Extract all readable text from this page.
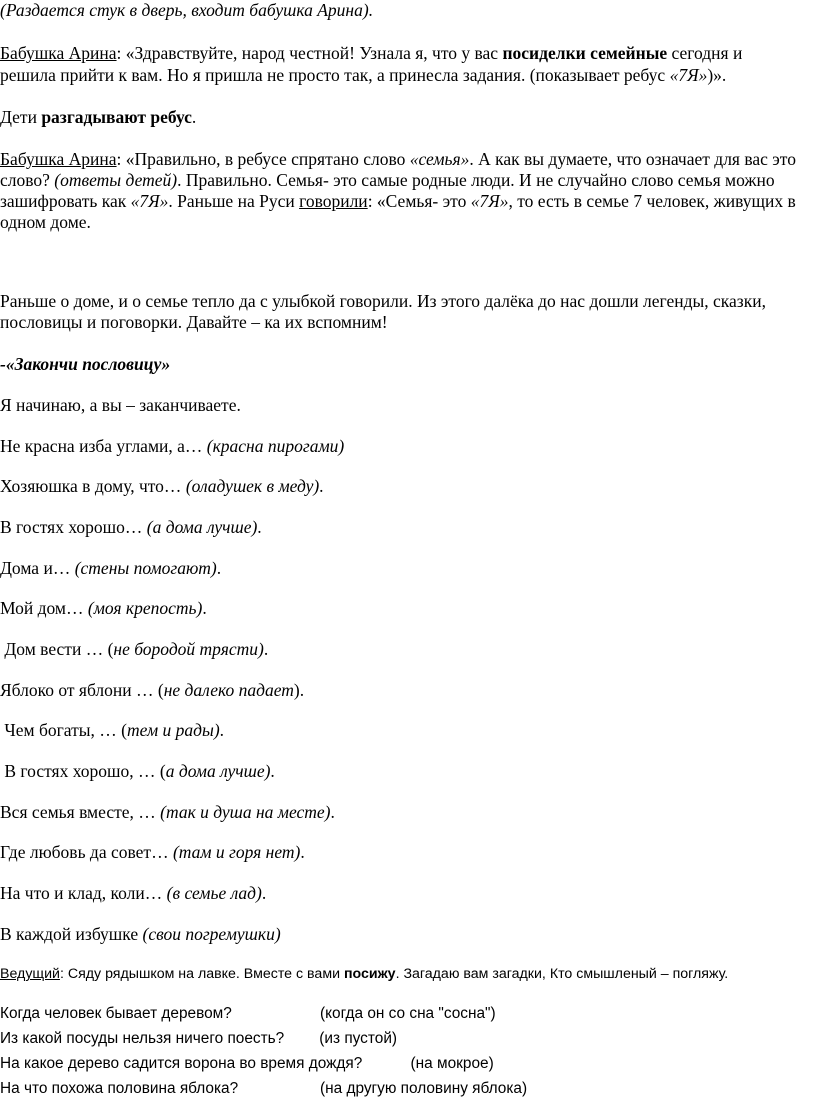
(Раздается стук в дверь, входит бабушка Арина).

Бабушка Арина: «Здравствуйте, народ честной! Узнала я, что у вас посиделки семейные сегодня и

решила прийти к вам. Но я пришла не просто так, а принесла задания. (показывает ребус «7Я»)».

Дети разгадывают ребус.

Бабушка Арина: «Правильно, в ребусе спрятано слово «семья». А как вы думаете, что означает для вас это

слово? (ответы детей). Правильно. Семья- это самые родные люди. И не случайно слово семья можно

зашифровать как «7Я». Раньше на Руси говорили: «Семья- это «7Я», то есть в семье 7 человек, живущих в

одном доме.

Раньше о доме, и о семье тепло да с улыбкой говорили. Из этого далёка до нас дошли легенды, сказки,

пословицы и поговорки. Давайте – ка их вспомним!

-«Закончи пословицу»

Я начинаю, а вы – заканчиваете.

Не красна изба углами, а… (красна пирогами)

Хозяюшка в дому, что… (оладушек в меду).

В гостях хорошо… (а дома лучше).

Дома и… (стены помогают).

Мой дом… (моя крепость).

Дом вести … (не бородой трясти).

Яблоко от яблони … (не далеко падает).

Чем богаты, … (тем и рады).

В гостях хорошо, … (а дома лучше).

Вся семья вместе, … (так и душа на месте).

Где любовь да совет… (там и горя нет).

На что и клад, коли… (в семье лад).

В каждой избушке (свои погремушки)

Ведущий: Сяду рядышком на лавке. Вместе с вами посижу. Загадаю вам загадки, Кто смышленый – погляжу.

Когда человек бывает деревом?	(когда он со сна "сосна")

Из какой посуды нельзя ничего поесть? (из пустой)

На какое дерево садится ворона во время дождя?	(на мокрое)

На что похожа половина яблока?	(на другую половину яблока)
